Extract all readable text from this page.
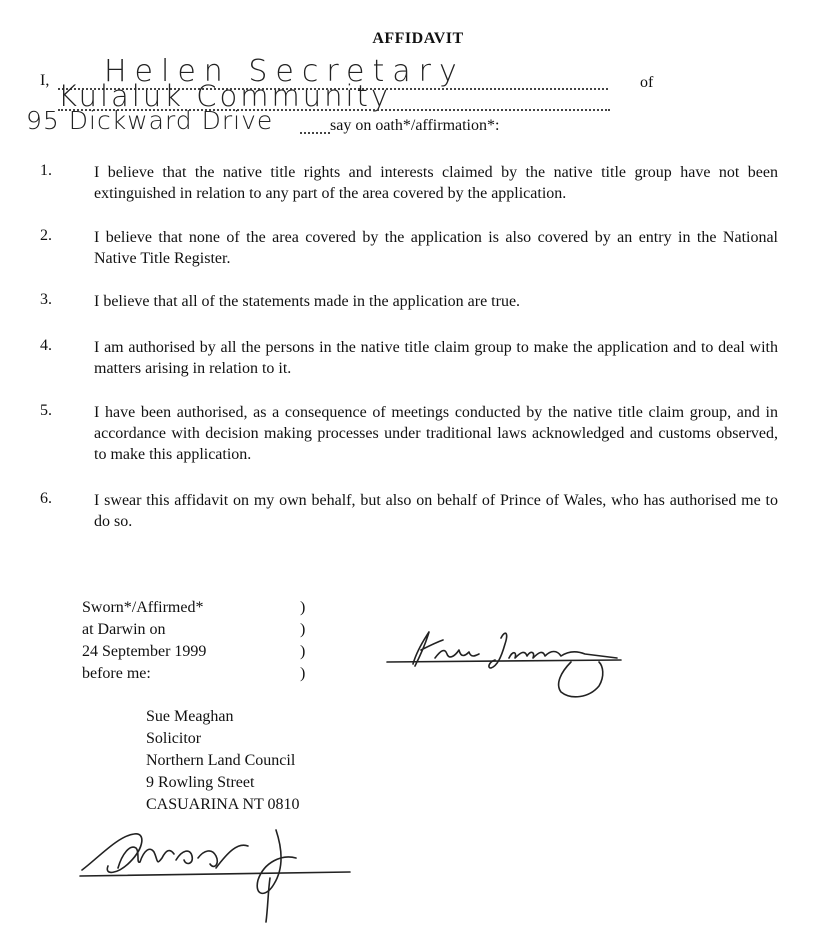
AFFIDAVIT
I, Helen Secretary	of
Kulaluk Community
95 Dickward Drive	say on oath*/affirmation*:
1.	I believe that the native title rights and interests claimed by the native title group have not been extinguished in relation to any part of the area covered by the application.
2.	I believe that none of the area covered by the application is also covered by an entry in the National Native Title Register.
3.	I believe that all of the statements made in the application are true.
4.	I am authorised by all the persons in the native title claim group to make the application and to deal with matters arising in relation to it.
5.	I have been authorised, as a consequence of meetings conducted by the native title claim group, and in accordance with decision making processes under traditional laws acknowledged and customs observed, to make this application.
6.	I swear this affidavit on my own behalf, but also on behalf of Prince of Wales, who has authorised me to do so.
Sworn*/Affirmed*
at Darwin on
24 September 1999
before me:
)
)
)
)
Sue Meaghan
Solicitor
Northern Land Council
9 Rowling Street
CASUARINA NT 0810
